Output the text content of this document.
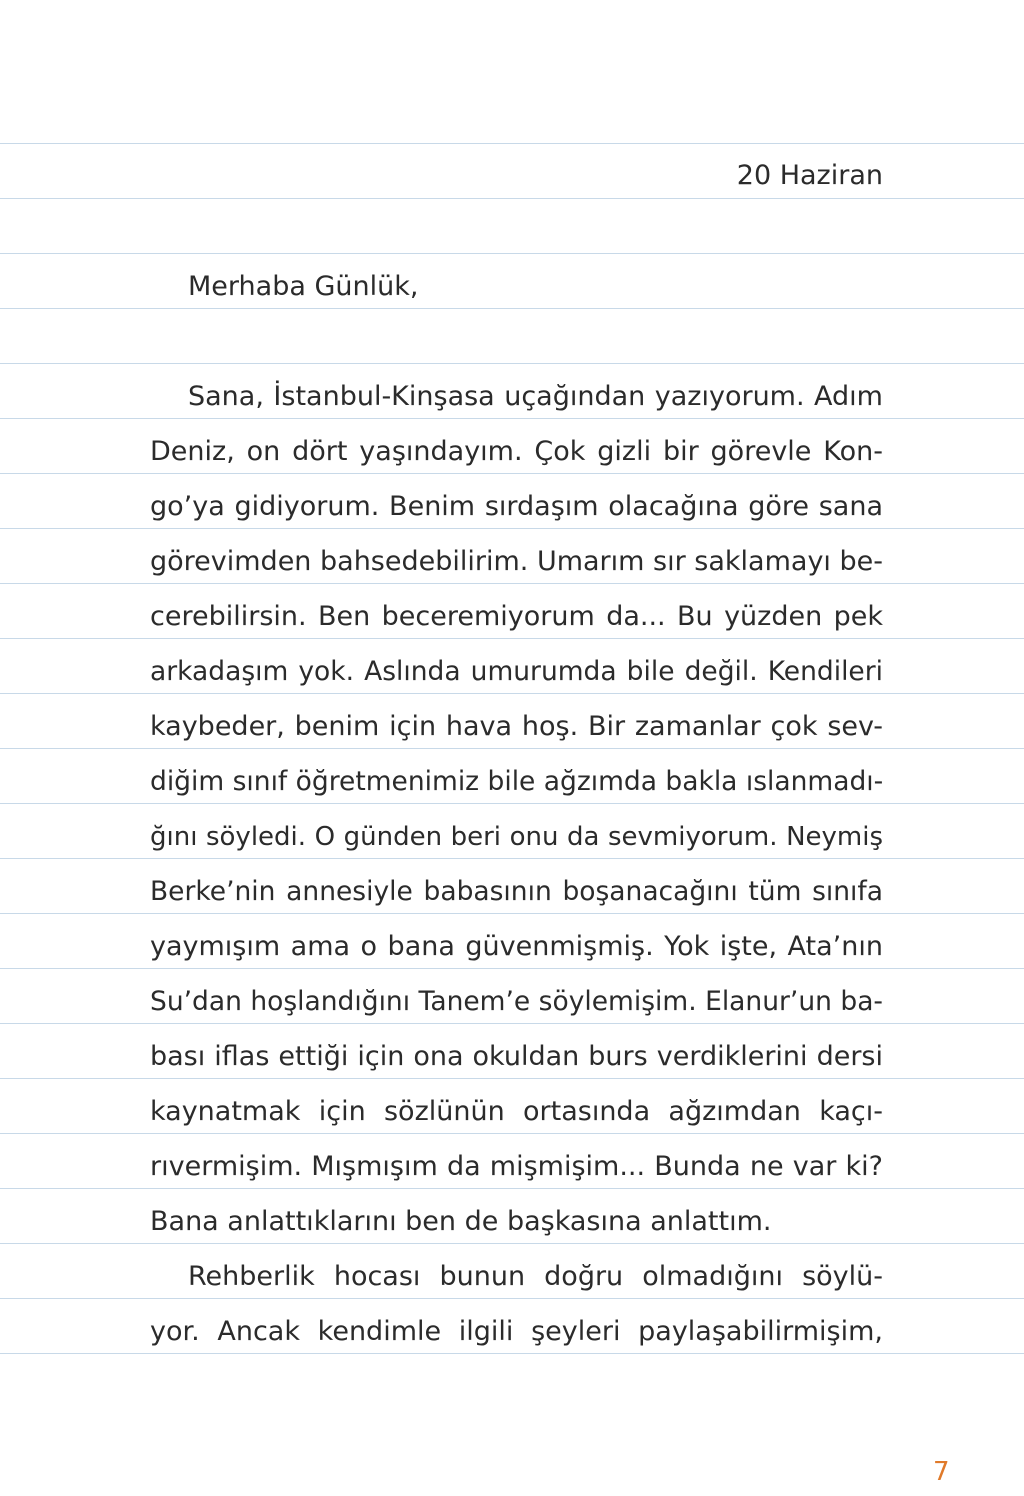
20 Haziran
Merhaba Günlük,
Sana, İstanbul-Kinşasa uçağından yazıyorum. Adım
Deniz, on dört yaşındayım. Çok gizli bir görevle Kon-
go’ya gidiyorum. Benim sırdaşım olacağına göre sana
görevimden bahsedebilirim. Umarım sır saklamayı be-
cerebilirsin. Ben beceremiyorum da... Bu yüzden pek
arkadaşım yok. Aslında umurumda bile değil. Kendileri
kaybeder, benim için hava hoş. Bir zamanlar çok sev-
diğim sınıf öğretmenimiz bile ağzımda bakla ıslanmadı-
ğını söyledi. O günden beri onu da sevmiyorum. Neymiş
Berke’nin annesiyle babasının boşanacağını tüm sınıfa
yaymışım ama o bana güvenmişmiş. Yok işte, Ata’nın
Su’dan hoşlandığını Tanem’e söylemişim. Elanur’un ba-
bası iflas ettiği için ona okuldan burs verdiklerini dersi
kaynatmak için sözlünün ortasında ağzımdan kaçı-
rıvermişim. Mışmışım da mişmişim... Bunda ne var ki?
Bana anlattıklarını ben de başkasına anlattım.
Rehberlik hocası bunun doğru olmadığını söylü-
yor. Ancak kendimle ilgili şeyleri paylaşabilirmişim,
7
